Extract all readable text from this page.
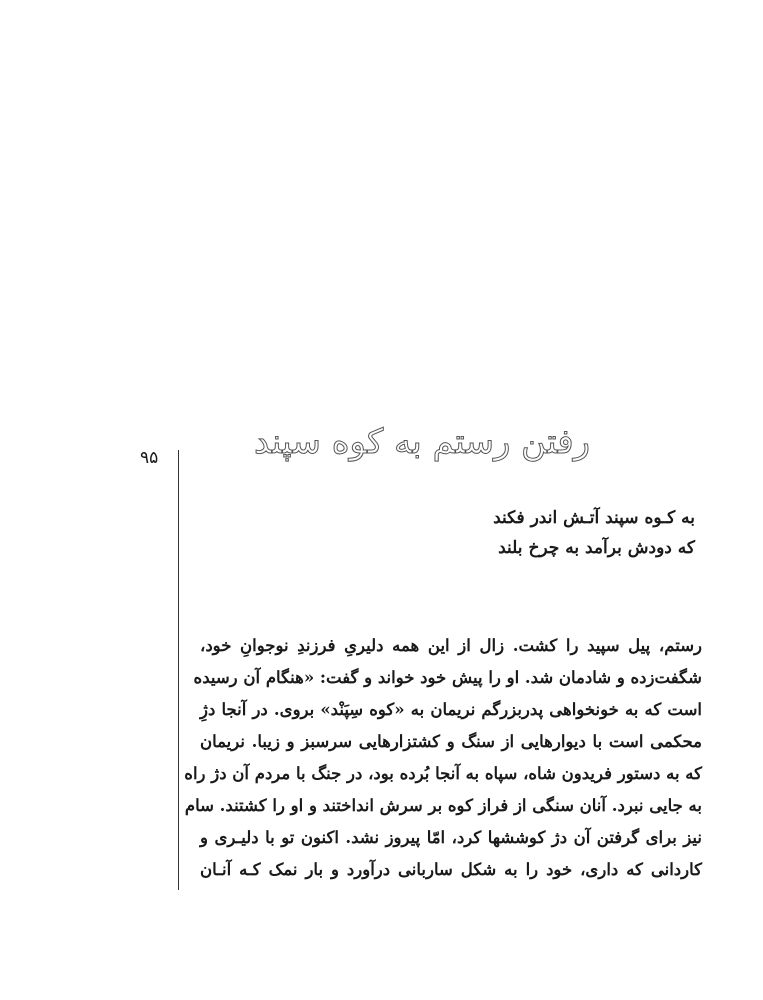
۹۵	رفتن رستم به کوه سپند
به کـوه سپند آتـش اندر فکند
که دودش برآمد به چرخ بلند
رستم، پیل سپید را کشت. زال از این همه دلیریِ فرزندِ نوجوانِ خود،
شگفت‌زده و شادمان شد. او را پیش خود خواند و گفت: «هنگام آن رسیده
است که به خونخواهی پدربزرگم نریمان به «کوه سِپَنْد» بروی. در آنجا دژِ
محکمی است با دیوارهایی از سنگ و کشتزارهایی سرسبز و زیبا. نریمان
که به دستور فریدون شاه، سپاه به آنجا بُرده بود، در جنگ با مردم آن دژ راه
به جایی نبرد. آنان سنگی از فراز کوه بر سرش انداختند و او را کشتند. سام
نیز برای گرفتن آن دژ کوششها کرد، امّا پیروز نشد. اکنون تو با دلیـری و
کاردانی که داری، خود را به شکل ساربانی درآورد و بار نمک کـه آنـان
